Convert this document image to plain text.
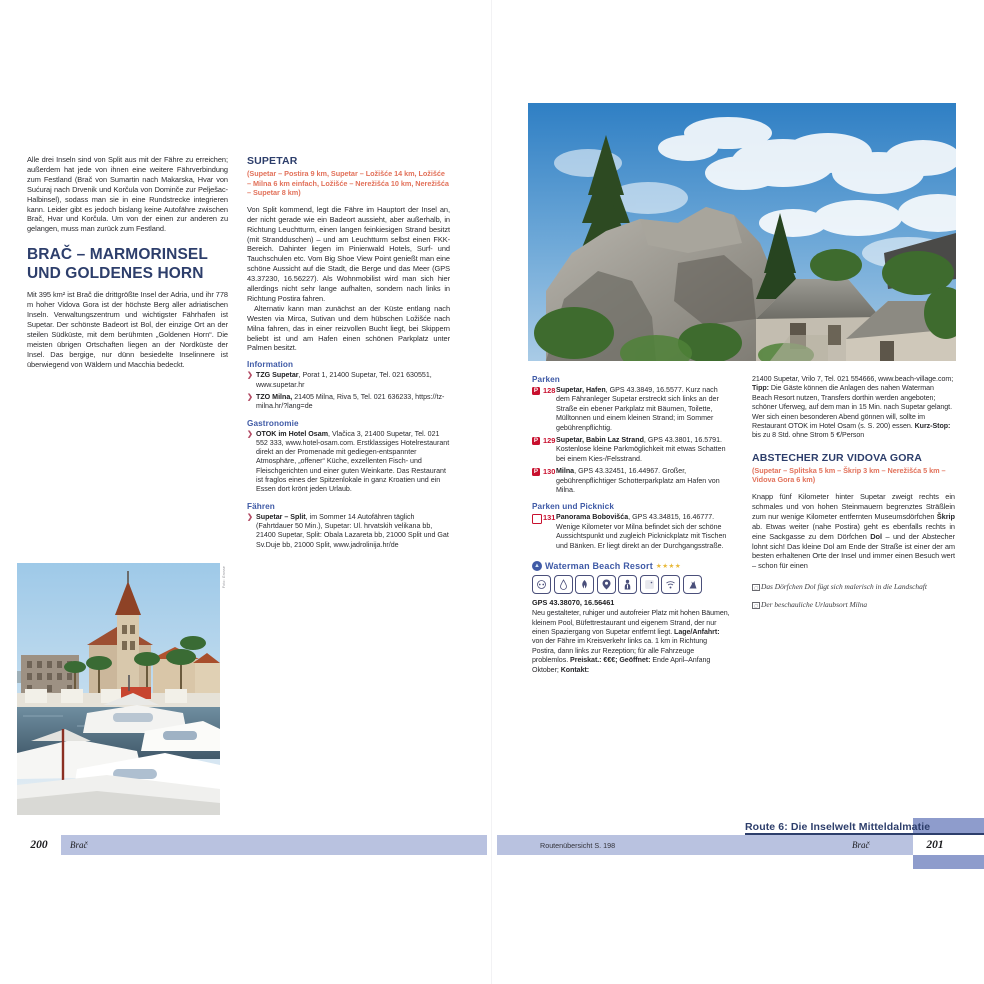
Foto: Grosse

Alle drei Inseln sind von Split aus mit der Fähre zu erreichen; außerdem hat jede von ihnen eine weitere Fährverbindung zum Festland (Brač von Sumartin nach Makarska, Hvar von Sućuraj nach Drvenik und Korčula von Dominče zur Pelješac-Halbinsel), sodass man sie in eine Rundstrecke integrieren kann. Leider gibt es jedoch bislang keine Autofähre zwischen Brač, Hvar und Korčula. Um von der einen zur anderen zu gelangen, muss man zurück zum Festland.

BRAČ – MARMORINSEL
UND GOLDENES HORN

Mit 395 km² ist Brač die drittgrößte Insel der Adria, und ihr 778 m hoher Vidova Gora ist der höchste Berg aller adriatischen Inseln. Verwaltungszentrum und wichtigster Fährhafen ist Supetar. Der schönste Badeort ist Bol, der einzige Ort an der steilen Südküste, mit dem berühmten „Goldenen Horn“. Die meisten übrigen Ortschaften liegen an der Nordküste der Insel. Das bergige, nur dünn besiedelte Inselinnere ist überwiegend von Wäldern und Macchia bedeckt.

SUPETAR
(Supetar – Postira 9 km, Supetar – Ložišće 14 km, Ložišće – Milna 6 km einfach, Ložišće – Nerežišća 10 km, Nerežišća – Supetar 8 km)

Von Split kommend, legt die Fähre im Hauptort der Insel an, der nicht gerade wie ein Badeort aussieht, aber außerhalb, in Richtung Leuchtturm, einen langen feinkiesigen Strand besitzt (mit Strandduschen) – und am Leuchtturm selbst einen FKK-Bereich. Dahinter liegen im Pinienwald Hotels, Surf- und Tauchschulen etc. Vom Big Shoe View Point genießt man eine schöne Aussicht auf die Stadt, die Berge und das Meer (GPS 43.37230, 16.56227). Als Wohnmobilist wird man sich hier allerdings nicht sehr lange aufhalten, sondern nach links in Richtung Postira fahren.

Alternativ kann man zunächst an der Küste entlang nach Westen via Mirca, Sutivan und dem hübschen Ložišće nach Milna fahren, das in einer reizvollen Bucht liegt, bei Skippern beliebt ist und am Hafen einen schönen Parkplatz unter Palmen besitzt.

Information
❯ TZG Supetar, Porat 1, 21400 Supetar, Tel. 021 630551, www.supetar.hr
❯ TZO Milna, 21405 Milna, Riva 5, Tel. 021 636233, https://tz-milna.hr/?lang=de
Gastronomie
❯ OTOK im Hotel Osam, Vlačica 3, 21400 Supetar, Tel. 021 552 333, www.hotel-osam.com. Erstklassiges Hotelrestaurant direkt an der Promenade mit gediegen-entspannter Atmosphäre, „offener“ Küche, exzellenten Fisch- und Fleischgerichten und einer guten Weinkarte. Das Restaurant ist fraglos eines der Spitzenlokale in ganz Kroatien und ein Essen dort krönt jeden Urlaub.
Fähren
❯ Supetar – Split, im Sommer 14 Autofähren täglich (Fahrtdauer 50 Min.), Supetar: Ul. hrvatskih velikana bb, 21400 Supetar, Split: Obala Lazareta bb, 21000 Split und Gat Sv.Duje bb, 21000 Split, www.jadrolinija.hr/de
Parken
P 128 Supetar, Hafen, GPS 43.3849, 16.5577. Kurz nach dem Fähranleger Supetar erstreckt sich links an der Straße ein ebener Parkplatz mit Bäumen, Toilette, Mülltonnen und einem kleinen Strand; im Sommer gebührenpflichtig.
P 129 Supetar, Babin Laz Strand, GPS 43.3801, 16.5791. Kostenlose kleine Parkmöglichkeit mit etwas Schatten bei einem Kies-/Felsstrand.
P 130 Milna, GPS 43.32451, 16.44967. Großer, gebührenpflichtiger Schotterparkplatz am Hafen von Milna.
Parken und Picknick
131 Panorama Bobovišća, GPS 43.34815, 16.46777. Wenige Kilometer vor Milna befindet sich der schöne Aussichtspunkt und zugleich Picknickplatz mit Tischen und Bänken. Er liegt direkt an der Durchgangsstraße.
▲ Waterman Beach Resort ★★★★
GPS 43.38070, 16.56461
Neu gestalteter, ruhiger und autofreier Platz mit hohen Bäumen, kleinem Pool, Büfettrestaurant und eigenem Strand, der nur einen Spaziergang von Supetar entfernt liegt. Lage/Anfahrt: von der Fähre im Kreisverkehr links ca. 1 km in Richtung Postira, dann links zur Rezeption; für alle Fahrzeuge problemlos. Preiskat.: €€€; Geöffnet: Ende April–Anfang Oktober; Kontakt:
21400 Supetar, Vrilo 7, Tel. 021 554666, www.beach-village.com; Tipp: Die Gäste können die Anlagen des nahen Waterman Beach Resort nutzen, Transfers dorthin werden angeboten; schöner Uferweg, auf dem man in 15 Min. nach Supetar gelangt. Wer sich einen besonderen Abend gönnen will, sollte im Restaurant OTOK im Hotel Osam (s. S. 200) essen. Kurz-Stop: bis zu 8 Std. ohne Strom 5 €/Person
ABSTECHER ZUR VIDOVA GORA
(Supetar – Splitska 5 km – Škrip 3 km – Nerežišća 5 km – Vidova Gora 6 km)

Knapp fünf Kilometer hinter Supetar zweigt rechts ein schmales und von hohen Steinmauern begrenztes Sträßlein zum nur wenige Kilometer entfernten Museumsdörfchen Škrip ab. Etwas weiter (nahe Postira) geht es ebenfalls rechts in eine Sackgasse zu dem Dörfchen Dol – und der Abstecher lohnt sich! Das kleine Dol am Ende der Straße ist einer der am besten erhaltenen Orte der Insel und immer einen Besuch wert – schon für einen

▢ Das Dörfchen Dol fügt sich malerisch in die Landschaft
▢ Der beschauliche Urlaubsort Milna
200 Brač	Routenübersicht S. 198
Route 6: Die Inselwelt Mitteldalmatie
Brač	201
